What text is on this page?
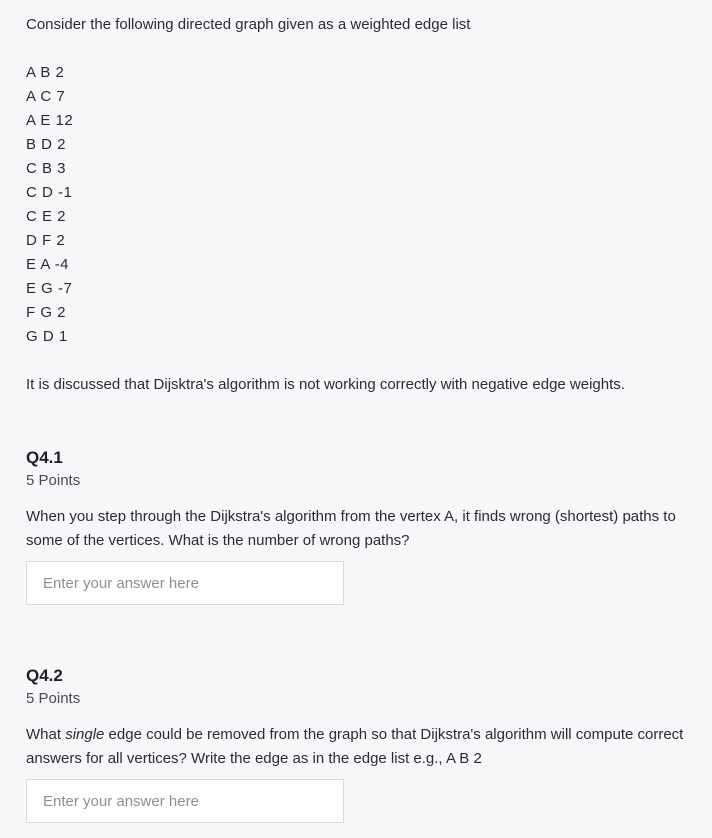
Consider the following directed graph given as a weighted edge list
A B 2
A C 7
A E 12
B D 2
C B 3
C D -1
C E 2
D F 2
E A -4
E G -7
F G 2
G D 1
It is discussed that Dijsktra's algorithm is not working correctly with negative edge weights.
Q4.1
5 Points
When you step through the Dijkstra's algorithm from the vertex A, it finds wrong (shortest) paths to some of the vertices. What is the number of wrong paths?
Enter your answer here
Q4.2
5 Points
What single edge could be removed from the graph so that Dijkstra's algorithm will compute correct answers for all vertices? Write the edge as in the edge list e.g., A B 2
Enter your answer here
